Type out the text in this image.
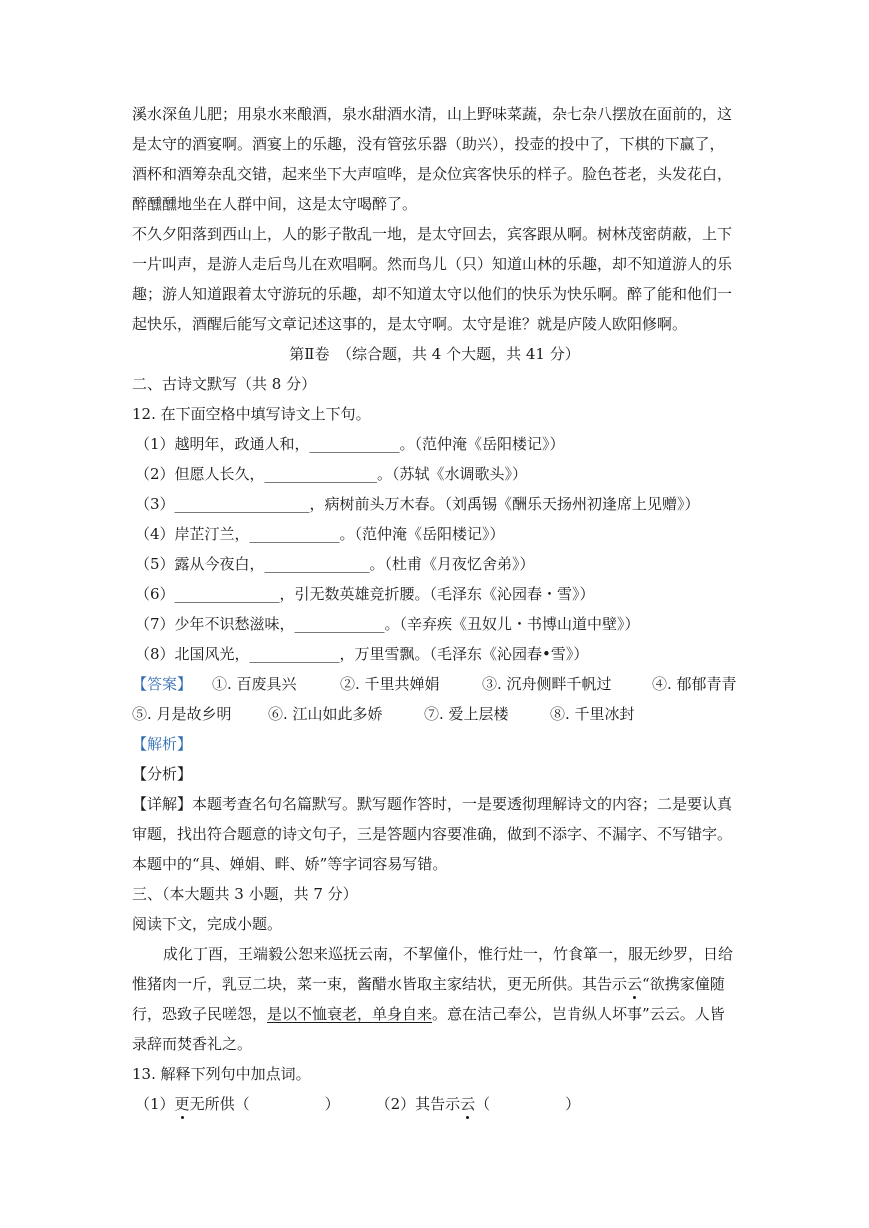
溪水深鱼儿肥；用泉水来酿酒，泉水甜酒水清，山上野味菜蔬，杂七杂八摆放在面前的，这
是太守的酒宴啊。酒宴上的乐趣，没有管弦乐器（助兴），投壶的投中了，下棋的下赢了，
酒杯和酒筹杂乱交错，起来坐下大声喧哗，是众位宾客快乐的样子。脸色苍老，头发花白，
醉醺醺地坐在人群中间，这是太守喝醉了。
不久夕阳落到西山上，人的影子散乱一地，是太守回去，宾客跟从啊。树林茂密荫蔽，上下
一片叫声，是游人走后鸟儿在欢唱啊。然而鸟儿（只）知道山林的乐趣，却不知道游人的乐
趣；游人知道跟着太守游玩的乐趣，却不知道太守以他们的快乐为快乐啊。醉了能和他们一
起快乐，酒醒后能写文章记述这事的，是太守啊。太守是谁？就是庐陵人欧阳修啊。
第Ⅱ卷　（综合题，共 4 个大题，共 41 分）
二、古诗文默写（共 8 分）
12. 在下面空格中填写诗文上下句。
（1）越明年，政通人和，____________。（范仲淹《岳阳楼记》）
（2）但愿人长久，_______________。（苏轼《水调歌头》）
（3）__________________，病树前头万木春。（刘禹锡《酬乐天扬州初逢席上见赠》）
（4）岸芷汀兰，____________。（范仲淹《岳阳楼记》）
（5）露从今夜白，______________。（杜甫《月夜忆舍弟》）
（6）______________，引无数英雄竞折腰。（毛泽东《沁园春・雪》）
（7）少年不识愁滋味，____________。（辛弃疾《丑奴儿・书博山道中壁》）
（8）北国风光，____________，万里雪飘。（毛泽东《沁园春•雪》）
【答案】 ①. 百废具兴	②. 千里共婵娟	③. 沉舟侧畔千帆过	④. 郁郁青青
⑤. 月是故乡明 ⑥. 江山如此多娇	⑦. 爱上层楼	⑧. 千里冰封
【解析】
【分析】
【详解】本题考查名句名篇默写。默写题作答时，一是要透彻理解诗文的内容；二是要认真
审题，找出符合题意的诗文句子，三是答题内容要准确，做到不添字、不漏字、不写错字。
本题中的“具、婵娟、畔、娇”等字词容易写错。
三、（本大题共 3 小题，共 7 分）
阅读下文，完成小题。
成化丁酉，王端毅公恕来巡抚云南，不挈僮仆，惟行灶一，竹食箪一，服无纱罗，日给
惟猪肉一斤，乳豆二块，菜一束，酱醋水皆取主家结状，更无所供。其告示云“欲携家僮随
行，恐致子民嗟怨，是以不恤衰老，单身自来。意在洁己奉公，岂肯纵人坏事”云云。人皆
录辞而焚香礼之。
13. 解释下列句中加点词。
（1）更无所供（　　　　　） （2）其告示云（　　　　　）
